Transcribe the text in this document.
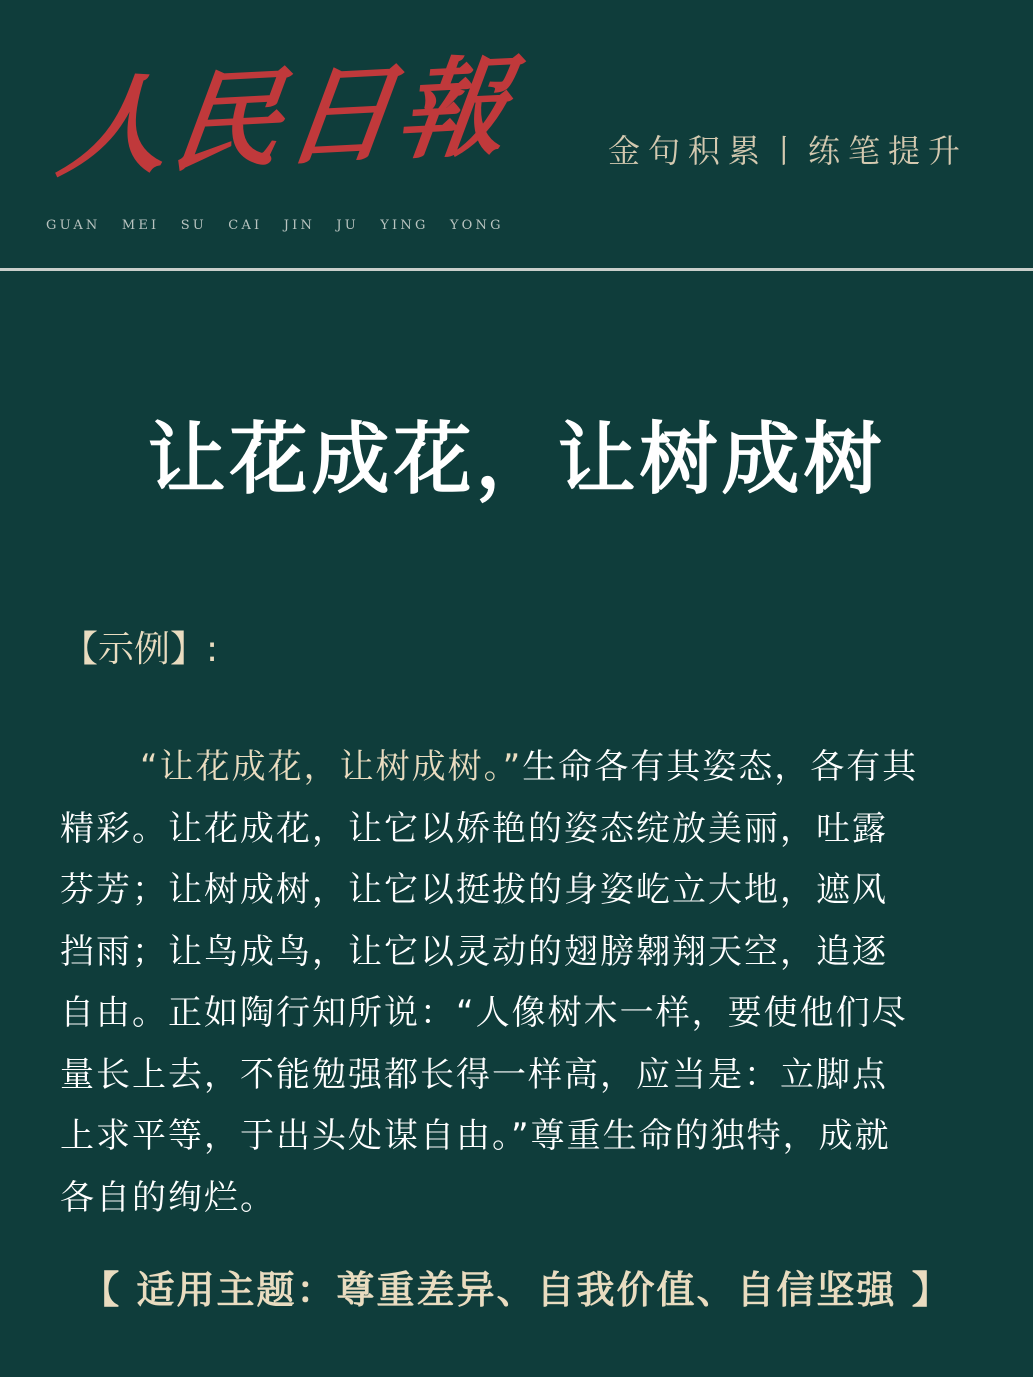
人民日報
GUAN MEI SU CAI JIN JU YING YONG
金句积累丨练笔提升
让花成花，让树成树
【示例】:

“让花成花，让树成树。”生命各有其姿态，各有其精彩。让花成花，让它以娇艳的姿态绽放美丽，吐露芬芳；让树成树，让它以挺拔的身姿屹立大地，遮风挡雨；让鸟成鸟，让它以灵动的翅膀翱翔天空，追逐自由。正如陶行知所说：“人像树木一样，要使他们尽量长上去，不能勉强都长得一样高，应当是：立脚点上求平等，于出头处谋自由。”尊重生命的独特，成就各自的绚烂。

【 适用主题：尊重差异、自我价值、自信坚强 】
